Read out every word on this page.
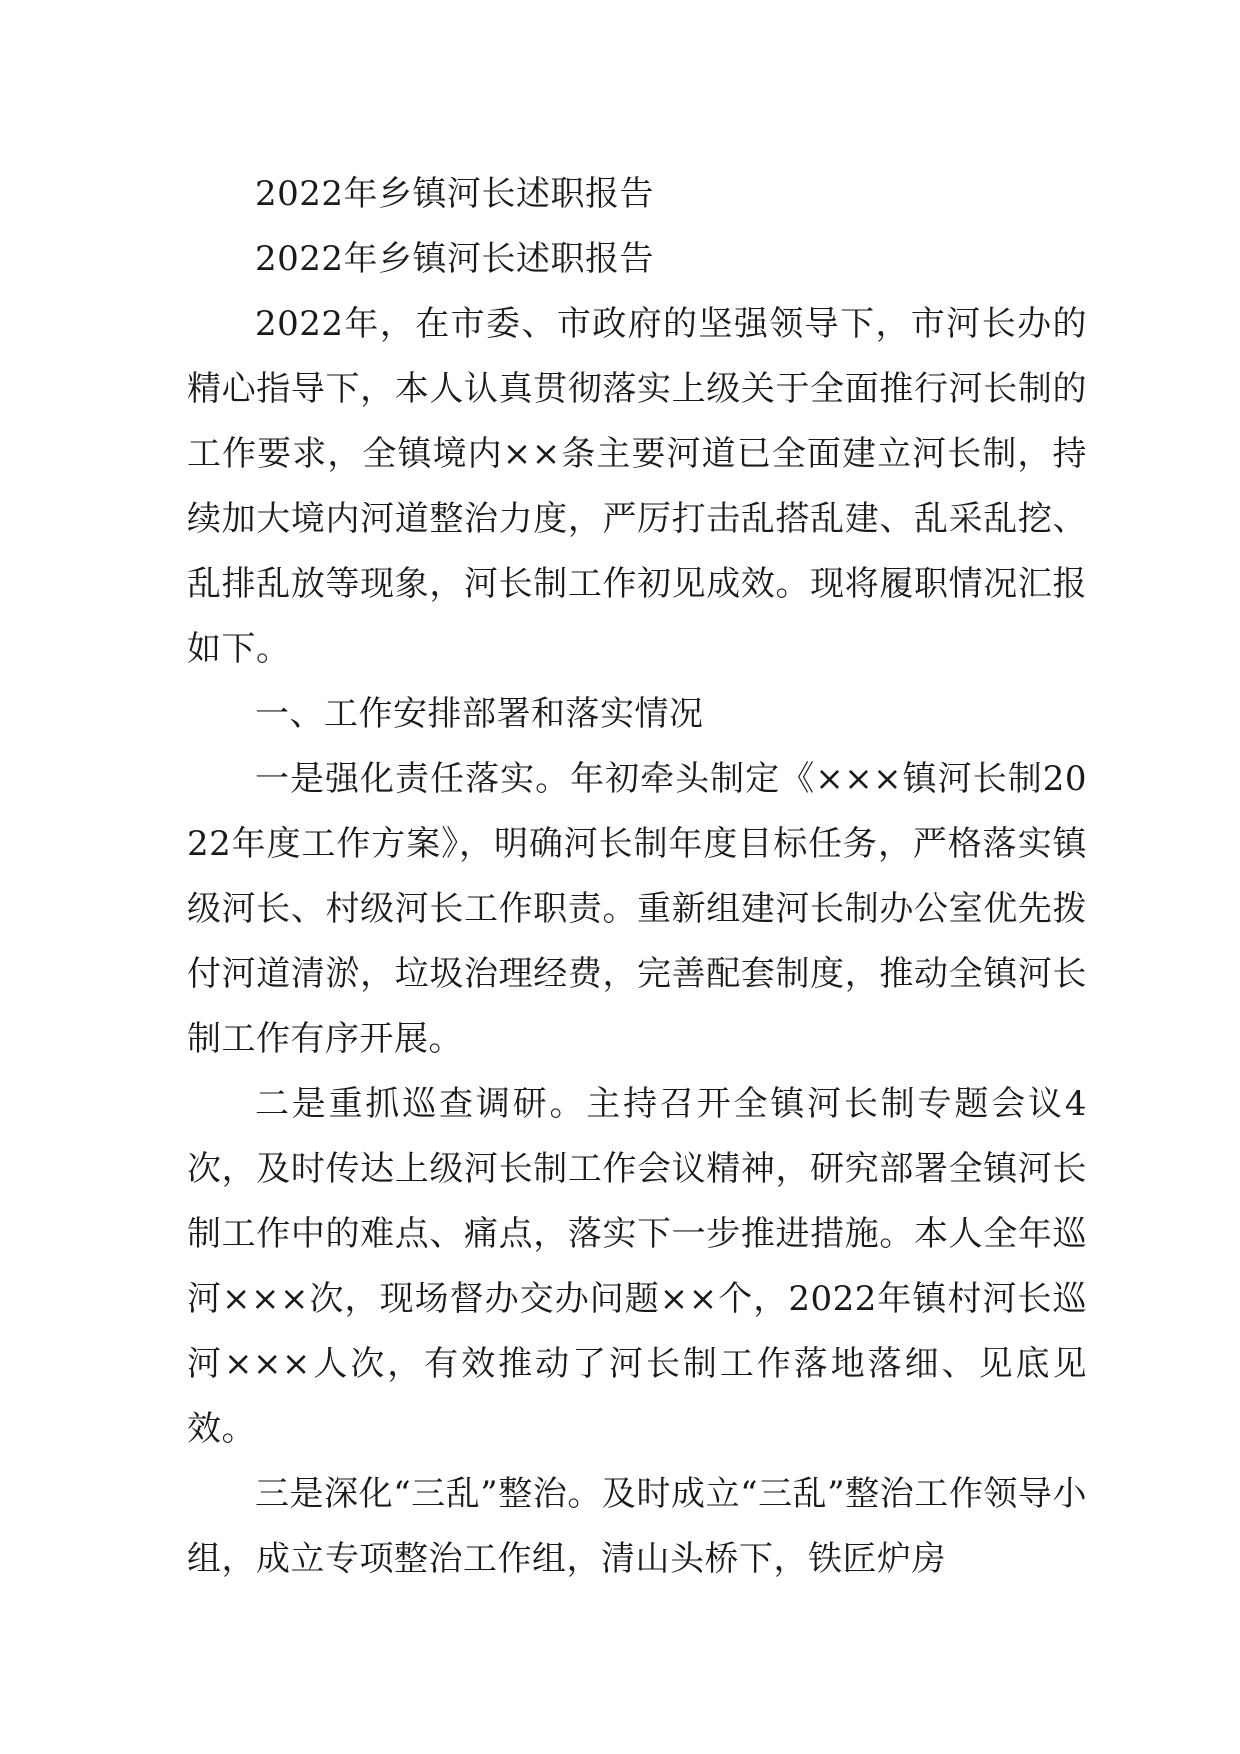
2022年乡镇河长述职报告

2022年乡镇河长述职报告

2022年，在市委、市政府的坚强领导下，市河长办的精心指导下，本人认真贯彻落实上级关于全面推行河长制的工作要求，全镇境内××条主要河道已全面建立河长制，持续加大境内河道整治力度，严厉打击乱搭乱建、乱采乱挖、乱排乱放等现象，河长制工作初见成效。现将履职情况汇报如下。

一、工作安排部署和落实情况

一是强化责任落实。年初牵头制定《×××镇河长制2022年度工作方案》，明确河长制年度目标任务，严格落实镇级河长、村级河长工作职责。重新组建河长制办公室优先拨付河道清淤，垃圾治理经费，完善配套制度，推动全镇河长制工作有序开展。

二是重抓巡查调研。主持召开全镇河长制专题会议4次，及时传达上级河长制工作会议精神，研究部署全镇河长制工作中的难点、痛点，落实下一步推进措施。本人全年巡河×××次，现场督办交办问题××个，2022年镇村河长巡河×××人次，有效推动了河长制工作落地落细、见底见效。

三是深化“三乱”整治。及时成立“三乱”整治工作领导小组，成立专项整治工作组，清山头桥下，铁匠炉房
